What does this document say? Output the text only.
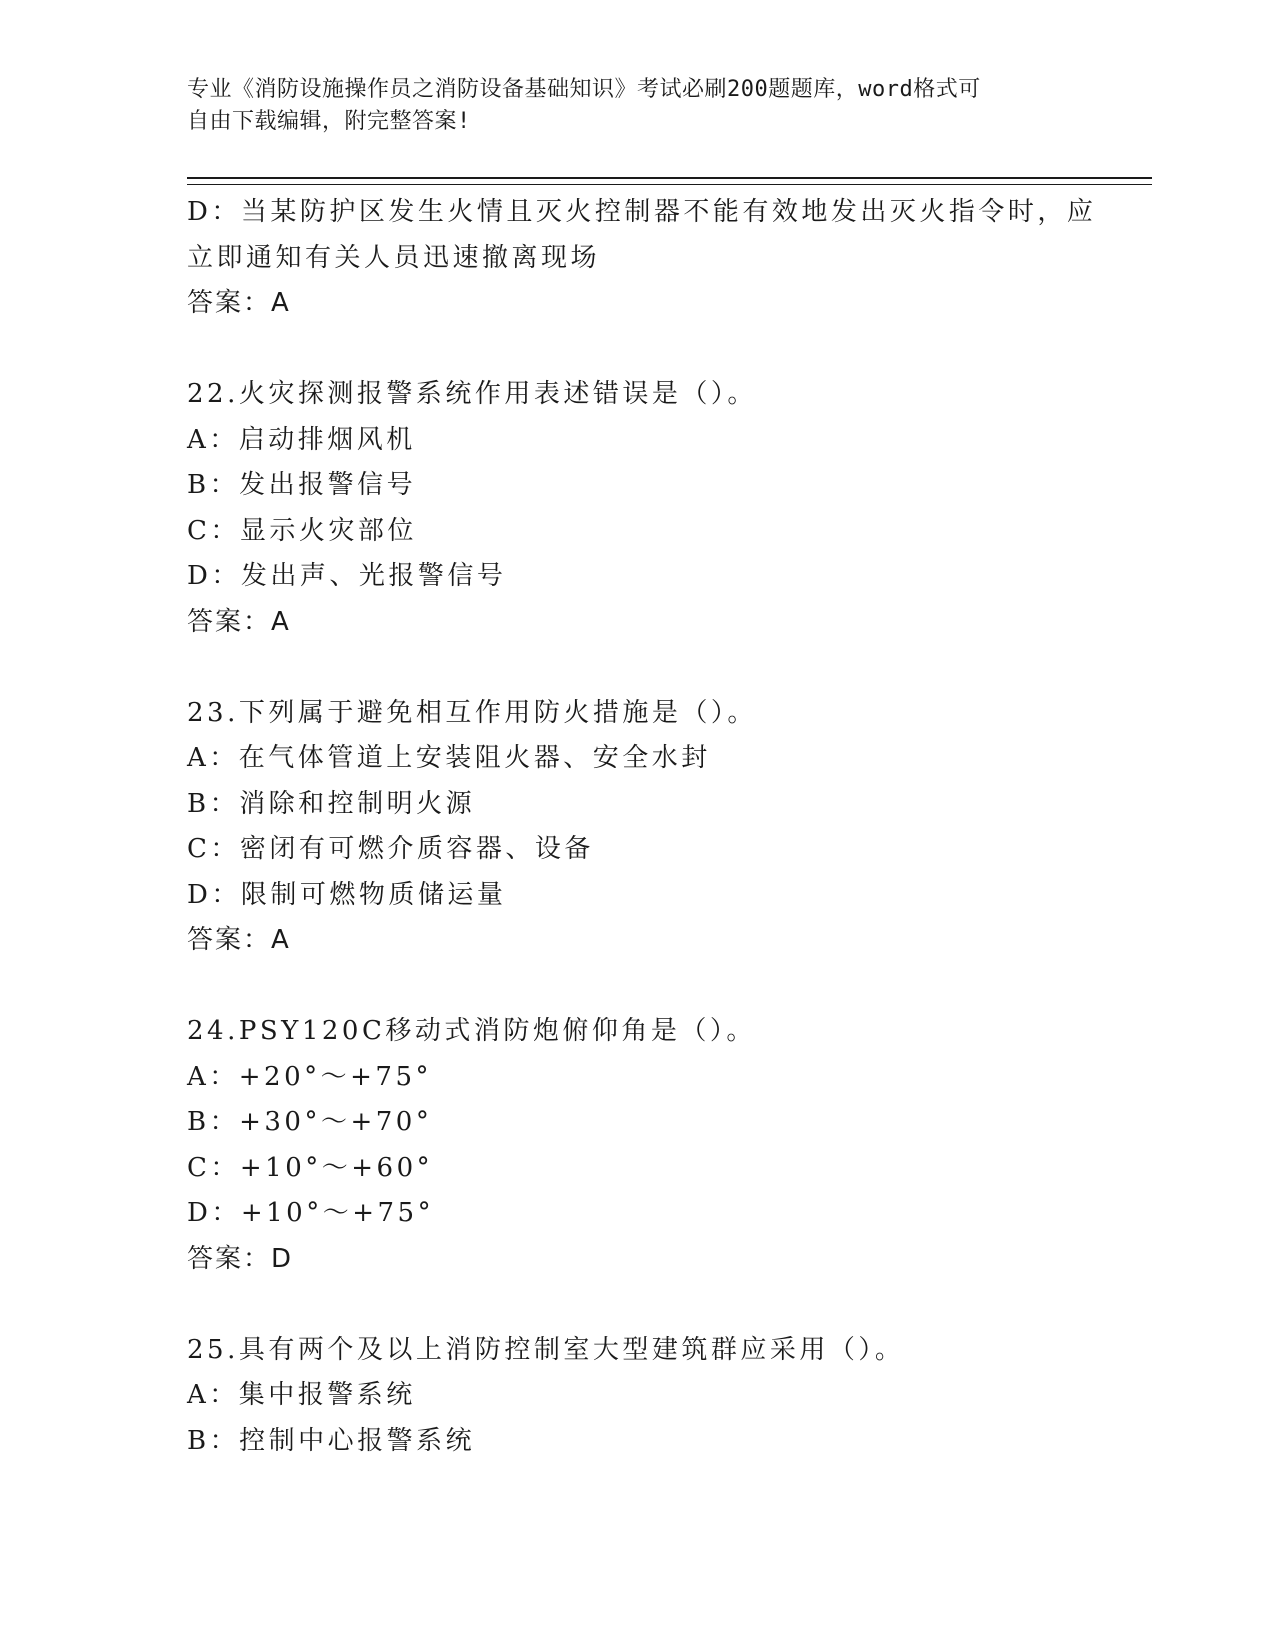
专业《消防设施操作员之消防设备基础知识》考试必刷200题题库，word格式可
自由下载编辑，附完整答案!
D：当某防护区发生火情且灭火控制器不能有效地发出灭火指令时，应
立即通知有关人员迅速撤离现场
答案：A
22.火灾探测报警系统作用表述错误是（）。
A：启动排烟风机
B：发出报警信号
C：显示火灾部位
D：发出声、光报警信号
答案：A
23.下列属于避免相互作用防火措施是（）。
A：在气体管道上安装阻火器、安全水封
B：消除和控制明火源
C：密闭有可燃介质容器、设备
D：限制可燃物质储运量
答案：A
24.PSY120C移动式消防炮俯仰角是（）。
A：+20°～+75°
B：+30°～+70°
C：+10°～+60°
D：+10°～+75°
答案：D
25.具有两个及以上消防控制室大型建筑群应采用（）。
A：集中报警系统
B：控制中心报警系统
